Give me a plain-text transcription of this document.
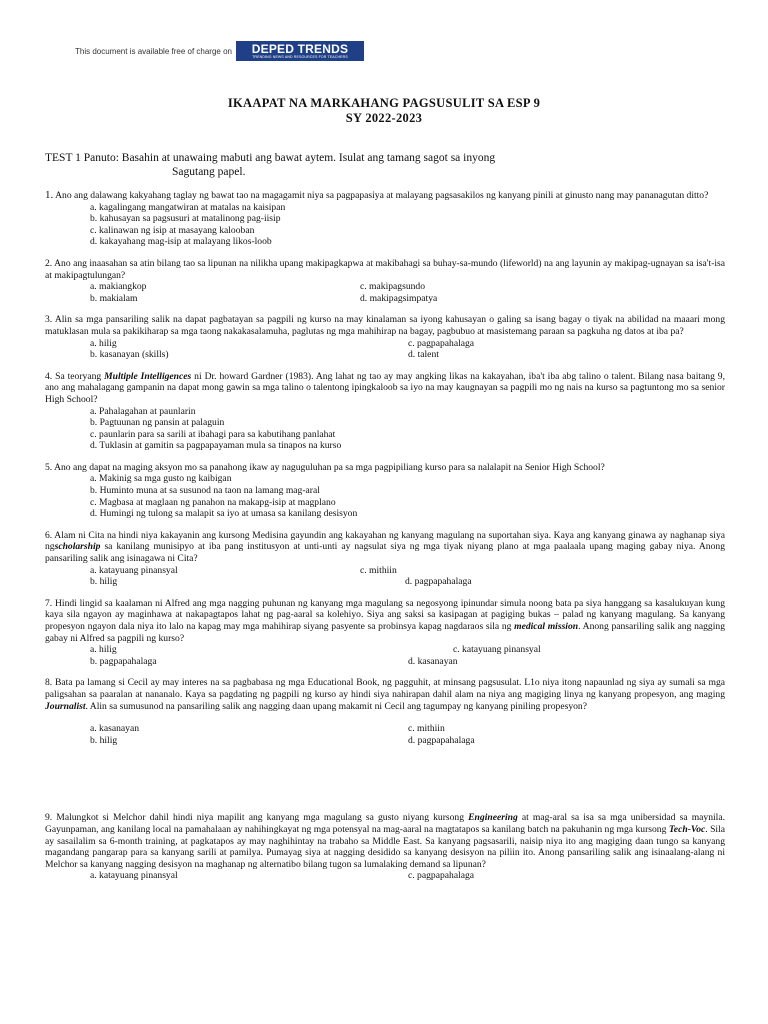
This document is available free of charge on DEPED TRENDS
TRENDING NEWS AND RESOURCES FOR TEACHERS
IKAAPAT NA MARKAHANG PAGSUSULIT SA ESP 9
SY 2022-2023
TEST 1 Panuto: Basahin at unawaing mabuti ang bawat aytem. Isulat ang tamang sagot sa inyong
Sagutang papel.
1. Ano ang dalawang kakyahang taglay ng bawat tao na magagamit niya sa pagpapasiya at malayang pagsasakilos ng kanyang pinili at ginusto nang may pananagutan ditto?
a. kagalingang mangatwiran at matalas na kaisipan
b. kahusayan sa pagsusuri at matalinong pag-iisip
c. kalinawan ng isip at masayang kalooban
d. kakayahang mag-isip at malayang likos-loob
2. Ano ang inaasahan sa atin bilang tao sa lipunan na nilikha upang makipagkapwa at makibahagi sa buhay-sa-mundo (lifeworld) na ang layunin ay makipag-ugnayan sa isa't-isa at makipagtulungan?
a. makiangkop	c. makipagsundo
b. makialam	d. makipagsimpatya
3. Alin sa mga pansariling salik na dapat pagbatayan sa pagpili ng kurso na may kinalaman sa iyong kahusayan o galing sa isang bagay o tiyak na abilidad na maaari mong matuklasan mula sa pakikiharap sa mga taong nakakasalamuha, paglutas ng mga mahihirap na bagay, pagbubuo at masistemang paraan sa pagkuha ng datos at iba pa?
a. hilig	c. pagpapahalaga
b. kasanayan (skills)	d. talent
4. Sa teoryang Multiple Intelligences ni Dr. howard Gardner (1983). Ang lahat ng tao ay may angking likas na kakayahan, iba't iba abg talino o talent. Bilang nasa baitang 9, ano ang mahalagang gampanin na dapat mong gawin sa mga talino o talentong ipingkaloob sa iyo na may kaugnayan sa pagpili mo ng nais na kurso sa pagtuntong mo sa senior High School?
a. Pahalagahan at paunlarin
b. Pagtuunan ng pansin at palaguin
c. paunlarin para sa sarili at ibahagi para sa kabutihang panlahat
d. Tuklasin at gamitin sa pagpapayaman mula sa tinapos na kurso
5. Ano ang dapat na maging aksyon mo sa panahong ikaw ay naguguluhan pa sa mga pagpipiliang kurso para sa nalalapit na Senior High School?
a. Makinig sa mga gusto ng kaibigan
b. Huminto muna at sa susunod na taon na lamang mag-aral
c. Magbasa at maglaan ng panahon na makapg-isip at magplano
d. Humingi ng tulong sa malapit sa iyo at umasa sa kanilang desisyon
6. Alam ni Cita na hindi niya kakayanin ang kursong Medisina gayundin ang kakayahan ng kanyang magulang na suportahan siya. Kaya ang kanyang ginawa ay naghanap siya ngscholarship sa kanilang munisipyo at iba pang institusyon at unti-unti ay nagsulat siya ng mga tiyak niyang plano at mga paalaala upang maging gabay niya. Anong pansariling salik ang isinagawa ni Cita?
a. katayuang pinansyal	c. mithiin
b. hilig	d. pagpapahalaga
7. Hindi lingid sa kaalaman ni Alfred ang mga nagging puhunan ng kanyang mga magulang sa negosyong ipinundar simula noong bata pa siya hanggang sa kasalukuyan kung kaya sila ngayon ay maginhawa at nakapagtapos lahat ng pag-aaral sa kolehiyo. Siya ang saksi sa kasipagan at pagiging bukas – palad ng kanyang magulang. Sa kanyang propesyon ngayon dala niya ito lalo na kapag may mga mahihirap siyang pasyente sa probinsya kapag nagdaraos sila ng medical mission. Anong pansariling salik ang nagging gabay ni Alfred sa pagpili ng kurso?
a. hilig	c. katayuang pinansyal
b. pagpapahalaga	d. kasanayan
8. Bata pa lamang si Cecil ay may interes na sa pagbabasa ng mga Educational Book, ng pagguhit, at minsang pagsusulat. L1o niya itong napaunlad ng siya ay sumali sa mga paligsahan sa paaralan at nananalo. Kaya sa pagdating ng pagpili ng kurso ay hindi siya nahirapan dahil alam na niya ang magiging linya ng kanyang propesyon, ang maging Journalist. Alin sa sumusunod na pansariling salik ang nagging daan upang makamit ni Cecil ang tagumpay ng kanyang piniling propesyon?
a. kasanayan	c. mithiin
b. hilig	d. pagpapahalaga
9. Malungkot si Melchor dahil hindi niya mapilit ang kanyang mga magulang sa gusto niyang kursong Engineering at mag-aral sa isa sa mga unibersidad sa maynila. Gayunpaman, ang kanilang local na pamahalaan ay nahihingkayat ng mga potensyal na mag-aaral na magtatapos sa kanilang batch na pakuhanin ng mga kursong Tech-Voc. Sila ay sasailalim sa 6-month training, at pagkatapos ay may naghihintay na trabaho sa Middle East. Sa kanyang pagsasarili, naisip niya ito ang magiging daan tungo sa kanyang magandang pangarap para sa kanyang sarili at pamilya. Pumayag siya at nagging desidido sa kanyang desisyon na piliin ito. Anong pansariling salik ang isinaalang-alang ni Melchor sa kanyang nagging desisyon na maghanap ng alternatibo bilang tugon sa lumalaking demand sa lipunan?
a. katayuang pinansyal	c. pagpapahalaga
